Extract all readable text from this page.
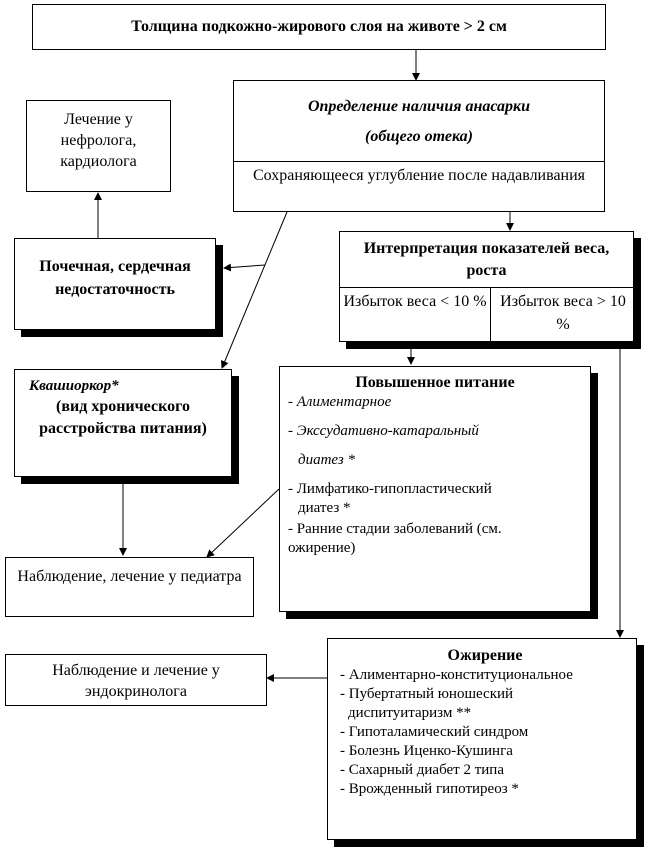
Толщина подкожно-жирового слоя на животе > 2 см
Определение наличия анасарки
(общего отека)
Сохраняющееся углубление после надавливания
Лечение у нефролога, кардиолога
Почечная, сердечная недостаточность
Интерпретация показателей веса, роста
Избыток веса < 10 % Избыток веса > 10 %
Квашиоркор*
(вид хронического расстройства питания)
Повышенное питание
- Алиментарное
- Экссудативно-катаральный
диатез *
- Лимфатико-гипопластический
диатез *
- Ранние стадии заболеваний (см.
ожирение)
Наблюдение, лечение у педиатра
Наблюдение и лечение у эндокринолога
Ожирение
- Алиментарно-конституциональное
- Пубертатный юношеский
диспитуитаризм **
- Гипоталамический синдром
- Болезнь Иценко-Кушинга
- Сахарный диабет 2 типа
- Врожденный гипотиреоз *
